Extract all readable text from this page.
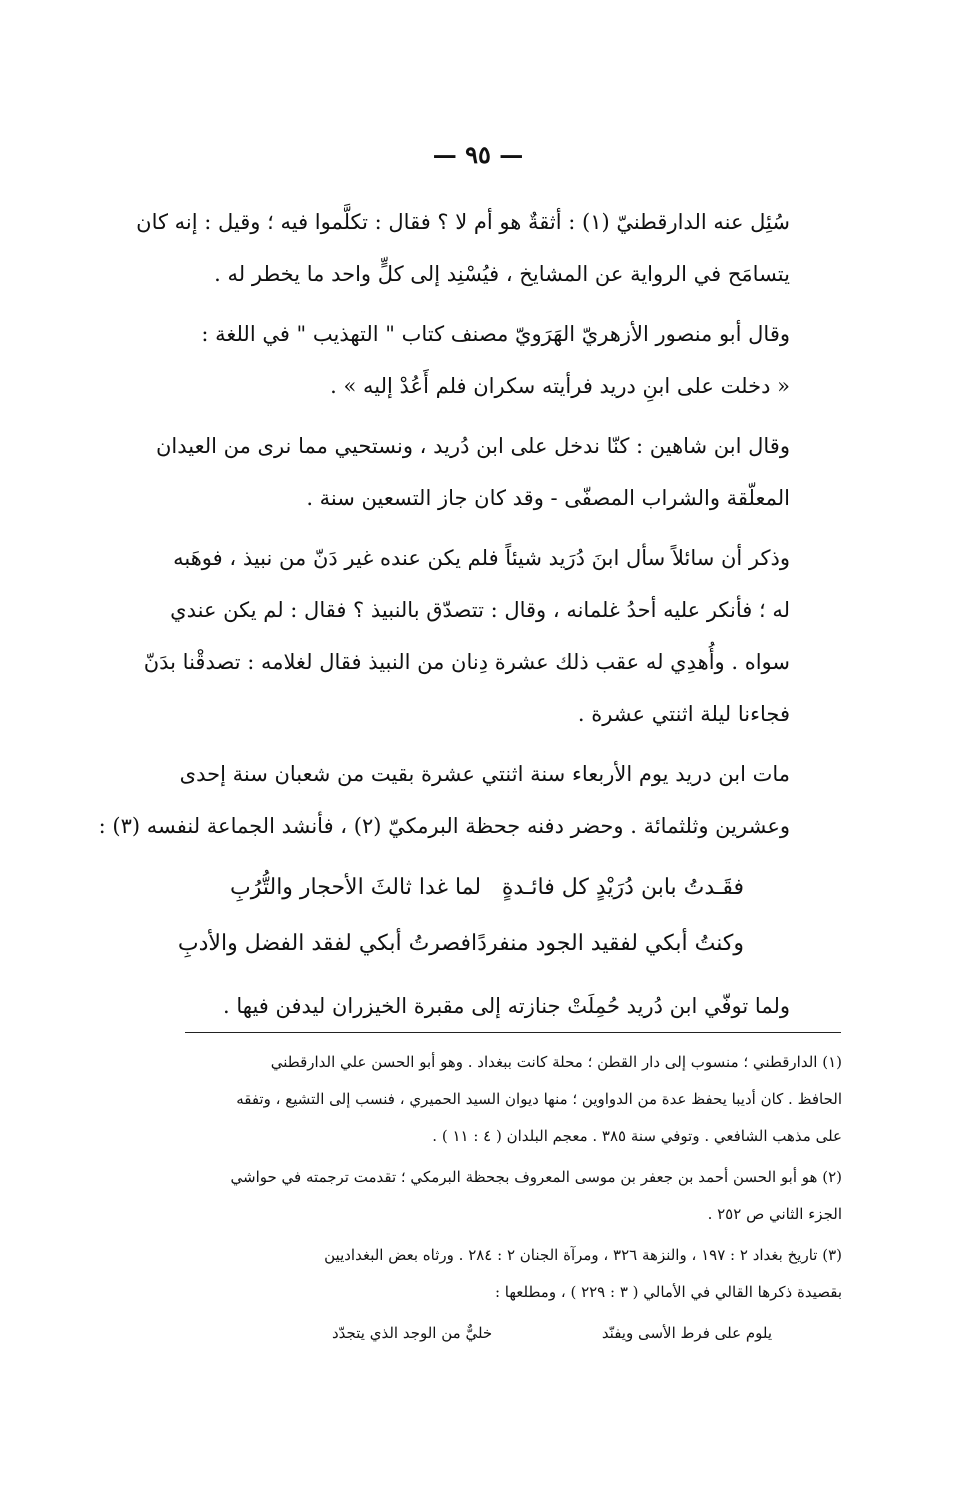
— ٩٥ —
سُئِل عنه الدارقطنيّ (١) : أثقةٌ هو أم لا ؟ فقال : تكلَّموا فيه ؛ وقيل : إنه كان
يتسامَح في الرواية عن المشايخ ، فيُسْنِد إلى كلٍّ واحد ما يخطر له .
وقال أبو منصور الأزهريّ الهَرَويّ مصنف كتاب " التهذيب " في اللغة :
« دخلت على ابنِ دريد فرأيته سكران فلم أَعُدْ إليه » .
وقال ابن شاهين : كنّا ندخل على ابن دُريد ، ونستحيي مما نرى من العيدان
المعلّقة والشراب المصفّى - وقد كان جاز التسعين سنة .
وذكر أن سائلاً سأل ابنَ دُرَيد شيئاً فلم يكن عنده غير دَنّ من نبيذ ، فوهَبه
له ؛ فأنكر عليه أحدُ غلمانه ، وقال : تتصدّق بالنبيذ ؟ فقال : لم يكن عندي
سواه . وأُهدِي له عقب ذلك عشرة دِنان من النبيذ فقال لغلامه : تصدقْنا بدَنّ
فجاءنا ليلة اثنتي عشرة .
مات ابن دريد يوم الأربعاء سنة اثنتي عشرة بقيت من شعبان سنة إحدى
وعشرين وثلثمائة . وحضر دفنه جحظة البرمكيّ (٢) ، فأنشد الجماعة لنفسه (٣) :
فقَـدتُ بابن دُرَيْدٍ كل فائـدةٍ
لما غدا ثالثَ الأحجار والتُّرُبِ
وكنتُ أبكي لفقيد الجود منفردًا
فصرتُ أبكي لفقد الفضل والأدبِ
ولما توفّي ابن دُريد حُمِلَتْ جنازته إلى مقبرة الخيزران ليدفن فيها .
(١) الدارقطني ؛ منسوب إلى دار القطن ؛ محلة كانت ببغداد . وهو أبو الحسن علي الدارقطني
الحافظ . كان أديبا يحفظ عدة من الدواوين ؛ منها ديوان السيد الحميري ، فنسب إلى التشيع ، وتفقه
على مذهب الشافعي . وتوفي سنة ٣٨٥ . معجم البلدان ( ٤ : ١١ ) .
(٢) هو أبو الحسن أحمد بن جعفر بن موسى المعروف بجحظة البرمكي ؛ تقدمت ترجمته في حواشي
الجزء الثاني ص ٢٥٢ .
(٣) تاريخ بغداد ٢ : ١٩٧ ، والنزهة ٣٢٦ ، ومرآة الجنان ٢ : ٢٨٤ . ورثاه بعض البغداديين
بقصيدة ذكرها القالي في الأمالي ( ٣ : ٢٢٩ ) ، ومطلعها :
يلوم على فرط الأسى ويفنّد
خليٌّ من الوجد الذي يتجدّد
